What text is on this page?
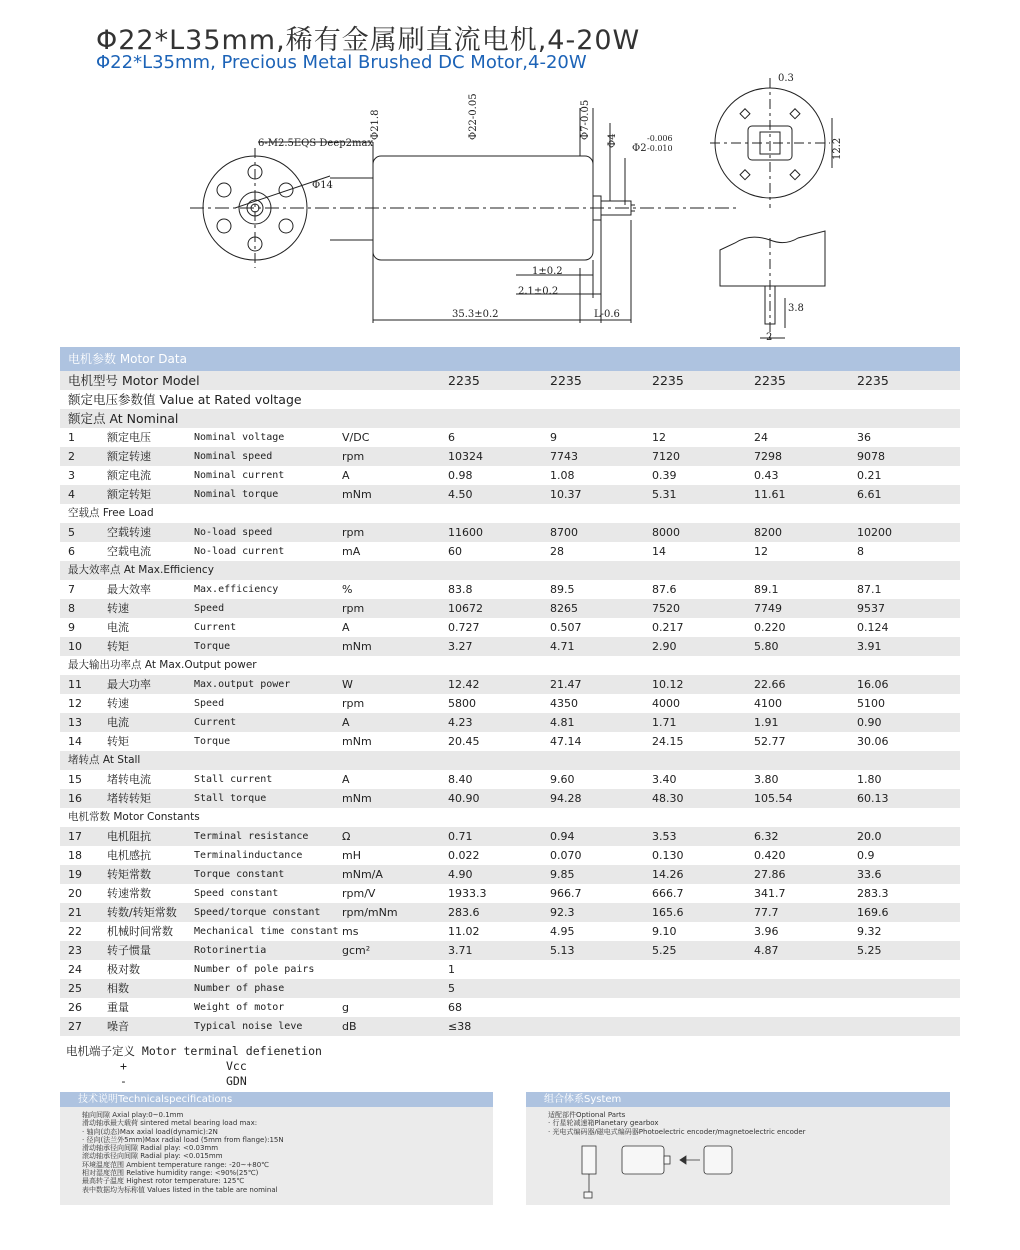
Φ22*L35mm,稀有金属刷直流电机,4-20W
Φ22*L35mm, Precious Metal Brushed DC Motor,4-20W
6-M2.5EQS Deep2max
Φ21.8	Φ22-0.05	Φ7-0.05
Φ4
Φ2
-0.006
-0.010
Φ14
1±0.2
2.1±0.2
35.3±0.2	L-0.6
0.3
12.2
3.8
2
电机参数 Motor Data
电机型号 Motor Model	2235	2235	2235	2235	2235
额定电压参数值 Value at Rated voltage
额定点 At Nominal
1	额定电压	Nominal voltage	V/DC	6	9	12	24	36
2	额定转速	Nominal speed	rpm	10324	7743	7120	7298	9078
3	额定电流	Nominal current	A	0.98	1.08	0.39	0.43	0.21
4	额定转矩	Nominal torque	mNm	4.50	10.37	5.31	11.61	6.61
空载点 Free Load
5	空载转速	No-load speed	rpm	11600	8700	8000	8200	10200
6	空载电流	No-load current	mA	60	28	14	12	8
最大效率点 At Max.Efficiency
7	最大效率	Max.efficiency	%	83.8	89.5	87.6	89.1	87.1
8	转速	Speed	rpm	10672	8265	7520	7749	9537
9	电流	Current	A	0.727	0.507	0.217	0.220	0.124
10 转矩	Torque	mNm	3.27	4.71	2.90	5.80	3.91
最大输出功率点 At Max.Output power
11 最大功率	Max.output power	W	12.42	21.47	10.12	22.66	16.06
12 转速	Speed	rpm	5800	4350	4000	4100	5100
13 电流	Current	A	4.23	4.81	1.71	1.91	0.90
14 转矩	Torque	mNm	20.45	47.14	24.15	52.77	30.06
堵转点 At Stall
15 堵转电流	Stall current	A	8.40	9.60	3.40	3.80	1.80
16 堵转转矩	Stall torque	mNm	40.90	94.28	48.30	105.54	60.13
电机常数 Motor Constants
17 电机阻抗	Terminal resistance	Ω	0.71	0.94	3.53	6.32	20.0
18 电机感抗	Terminalinductance	mH	0.022	0.070	0.130	0.420	0.9
19 转矩常数	Torque constant	mNm/A	4.90	9.85	14.26	27.86	33.6
20 转速常数	Speed constant	rpm/V	1933.3	966.7	666.7	341.7	283.3
21 转数/转矩常数 Speed/torque constant rpm/mNm	283.6	92.3	165.6	77.7	169.6
22 机械时间常数 Mechanical time constant ms	11.02	4.95	9.10	3.96	9.32
23 转子惯量	Rotorinertia	gcm²	3.71	5.13	5.25	4.87	5.25
24 极对数	Number of pole pairs	1
25 相数	Number of phase	5
26 重量	Weight of motor	g	68
27 噪音	Typical noise leve	dB	≤38
电机端子定义 Motor terminal defienetion
+	Vcc
-	GDN
技术说明Technicalspecifications
轴向间隙 Axial play:0~0.1mm
滑动轴承最大载荷 sintered metal bearing load max:
· 轴向(动态)Max axial load(dynamic):2N
· 径向(法兰外5mm)Max radial load (5mm from flange):15N
滑动轴承径向间隙 Radial play: <0.03mm
滚动轴承径向间隙 Radial play: <0.015mm
环境温度范围 Ambient temperature range: -20~+80℃
相对湿度范围 Relative humidity range: <90%(25℃)
最高转子温度 Highest rotor temperature: 125℃
表中数据均为标称值 Values listed in the table are nominal
组合体系System
适配部件Optional Parts
· 行星轮减速箱Planetary gearbox
· 光电式编码器/磁电式编码器Photoelectric encoder/magnetoelectric encoder
